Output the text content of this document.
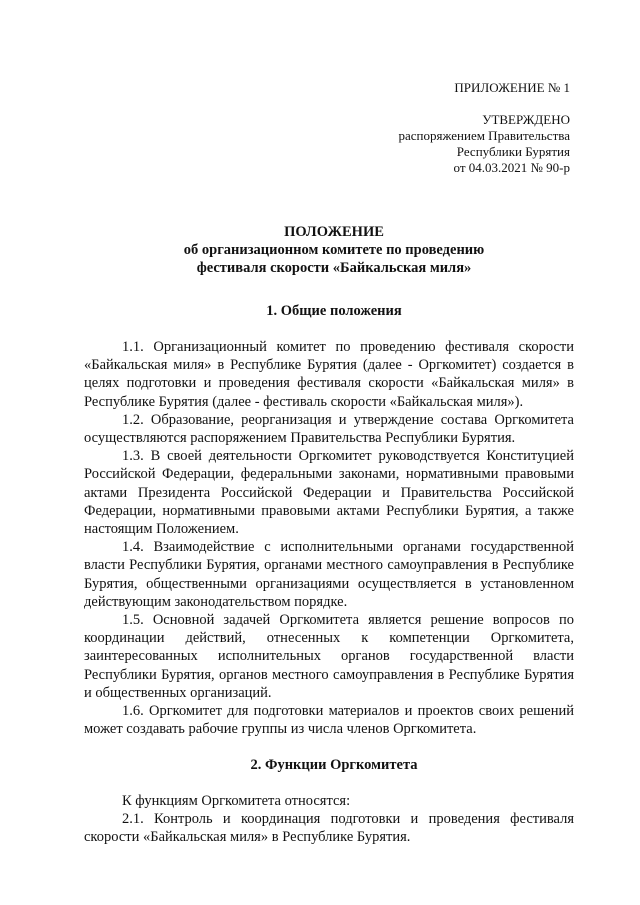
ПРИЛОЖЕНИЕ № 1
УТВЕРЖДЕНО
распоряжением Правительства
Республики Бурятия
от 04.03.2021 № 90-р
ПОЛОЖЕНИЕ
об организационном комитете по проведению
фестиваля скорости «Байкальская миля»
1. Общие положения

1.1. Организационный комитет по проведению фестиваля скорости «Байкальская миля» в Республике Бурятия (далее - Оргкомитет) создается в целях подготовки и проведения фестиваля скорости «Байкальская миля» в Республике Бурятия (далее - фестиваль скорости «Байкальская миля»).

1.2. Образование, реорганизация и утверждение состава Оргкомитета осуществляются распоряжением Правительства Республики Бурятия.

1.3. В своей деятельности Оргкомитет руководствуется Конституцией Российской Федерации, федеральными законами, нормативными правовыми актами Президента Российской Федерации и Правительства Российской Федерации, нормативными правовыми актами Республики Бурятия, а также настоящим Положением.

1.4. Взаимодействие с исполнительными органами государственной власти Республики Бурятия, органами местного самоуправления в Республике Бурятия, общественными организациями осуществляется в установленном действующим законодательством порядке.

1.5. Основной задачей Оргкомитета является решение вопросов по координации действий, отнесенных к компетенции Оргкомитета, заинтересованных исполнительных органов государственной власти Республики Бурятия, органов местного самоуправления в Республике Бурятия и общественных организаций.

1.6. Оргкомитет для подготовки материалов и проектов своих решений может создавать рабочие группы из числа членов Оргкомитета.

2. Функции Оргкомитета

К функциям Оргкомитета относятся:

2.1. Контроль и координация подготовки и проведения фестиваля скорости «Байкальская миля» в Республике Бурятия.
